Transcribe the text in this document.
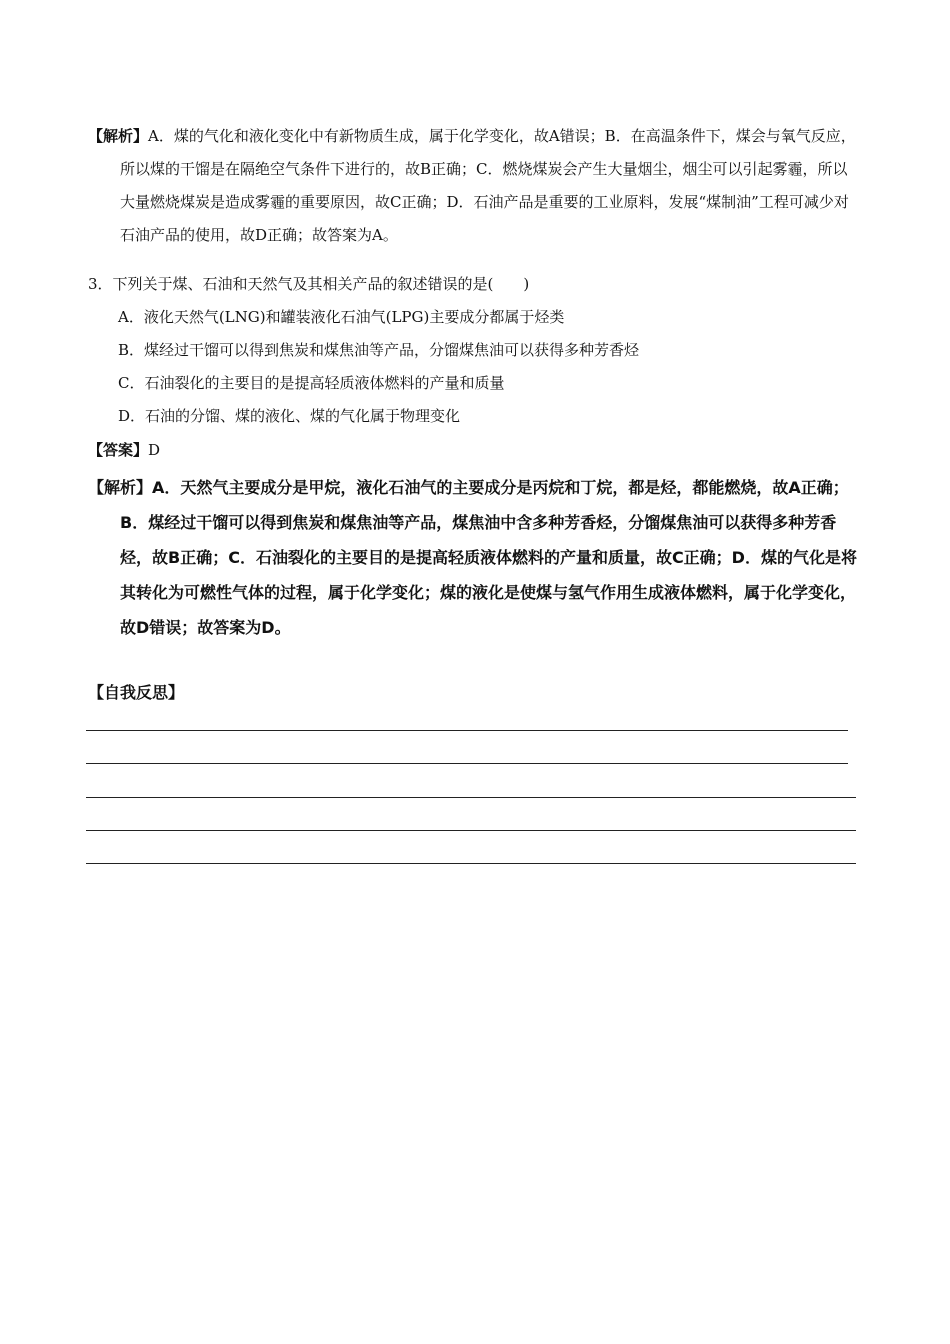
【解析】A．煤的气化和液化变化中有新物质生成，属于化学变化，故A错误；B．在高温条件下，煤会与氧气反应，所以煤的干馏是在隔绝空气条件下进行的，故B正确；C．燃烧煤炭会产生大量烟尘，烟尘可以引起雾霾，所以大量燃烧煤炭是造成雾霾的重要原因，故C正确；D．石油产品是重要的工业原料，发展“煤制油”工程可减少对石油产品的使用，故D正确；故答案为A。

3．下列关于煤、石油和天然气及其相关产品的叙述错误的是(　　)

A．液化天然气(LNG)和罐装液化石油气(LPG)主要成分都属于烃类

B．煤经过干馏可以得到焦炭和煤焦油等产品，分馏煤焦油可以获得多种芳香烃

C．石油裂化的主要目的是提高轻质液体燃料的产量和质量

D．石油的分馏、煤的液化、煤的气化属于物理变化

【答案】D

【解析】A．天然气主要成分是甲烷，液化石油气的主要成分是丙烷和丁烷，都是烃，都能燃烧，故A正确；B．煤经过干馏可以得到焦炭和煤焦油等产品，煤焦油中含多种芳香烃，分馏煤焦油可以获得多种芳香烃，故B正确；C．石油裂化的主要目的是提高轻质液体燃料的产量和质量，故C正确；D．煤的气化是将其转化为可燃性气体的过程，属于化学变化；煤的液化是使煤与氢气作用生成液体燃料，属于化学变化，故D错误；故答案为D。

【自我反思】
